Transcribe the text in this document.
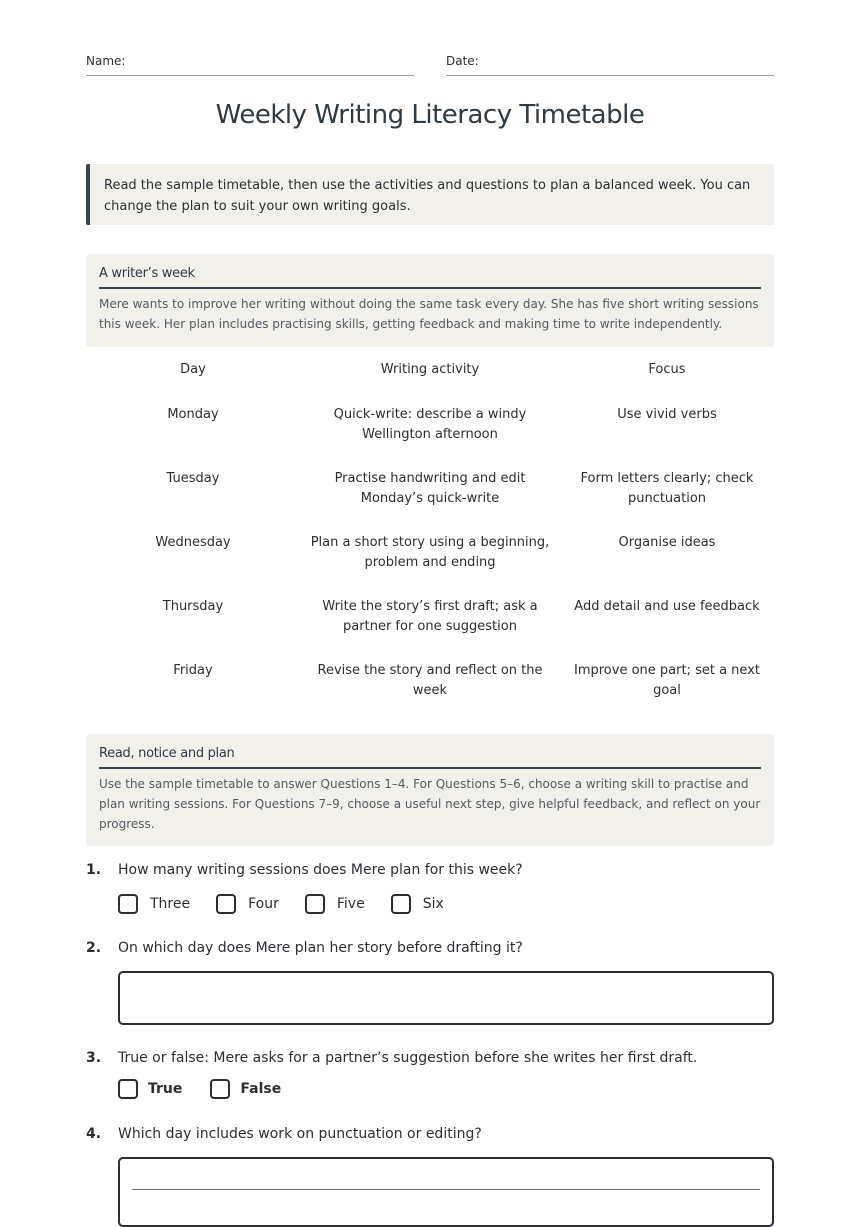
Name:	Date:
Weekly Writing Literacy Timetable
Read the sample timetable, then use the activities and questions to plan a balanced week. You can change the plan to suit your own writing goals.
A writer’s week
Mere wants to improve her writing without doing the same task every day. She has five short writing sessions this week. Her plan includes practising skills, getting feedback and making time to write independently.
Day	Writing activity	Focus
Monday	Quick-write: describe a windy Wellington afternoon	Use vivid verbs
Tuesday	Practise handwriting and edit Monday’s quick-write	Form letters clearly; check punctuation
Wednesday	Plan a short story using a beginning, problem and ending	Organise ideas
Thursday	Write the story’s first draft; ask a partner for one suggestion	Add detail and use feedback
Friday	Revise the story and reflect on the week	Improve one part; set a next goal
Read, notice and plan
Use the sample timetable to answer Questions 1–4. For Questions 5–6, choose a writing skill to practise and plan writing sessions. For Questions 7–9, choose a useful next step, give helpful feedback, and reflect on your progress.
1. How many writing sessions does Mere plan for this week?
Three	Four	Five	Six
2. On which day does Mere plan her story before drafting it?
3. True or false: Mere asks for a partner’s suggestion before she writes her first draft.
True	False
4. Which day includes work on punctuation or editing?
